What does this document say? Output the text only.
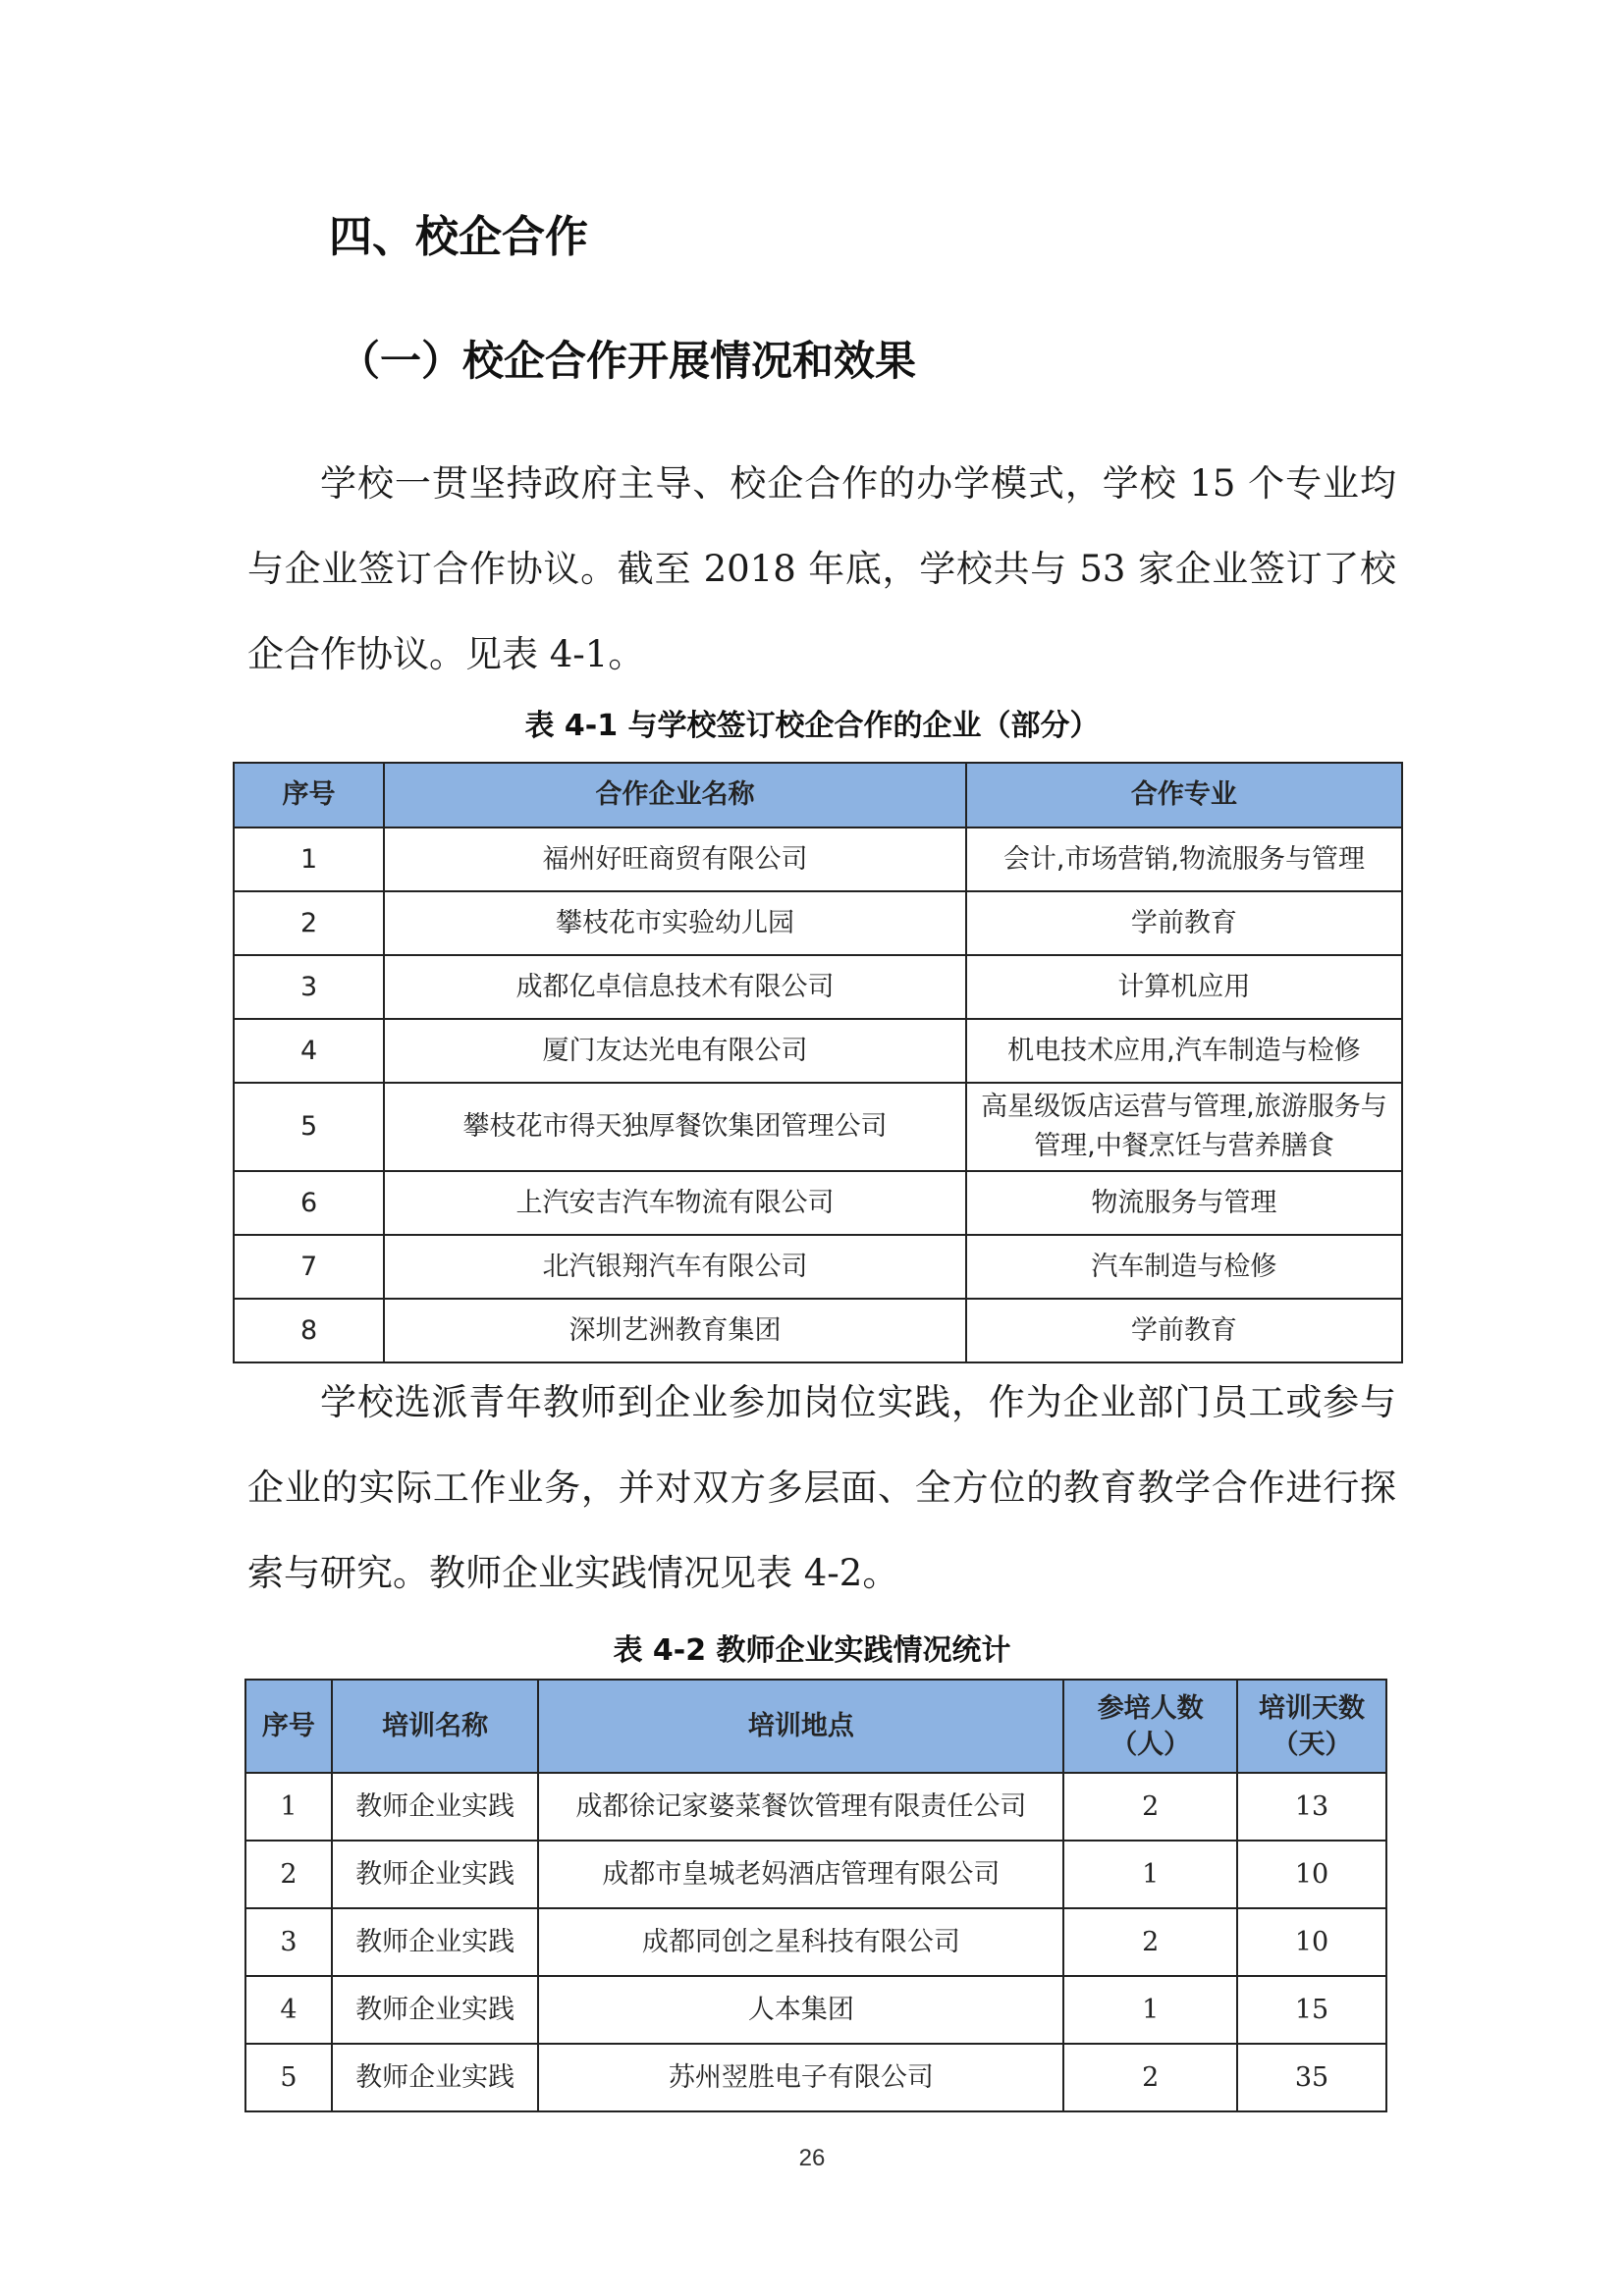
四、校企合作
（一）校企合作开展情况和效果

学校一贯坚持政府主导、校企合作的办学模式，学校 15 个专业均与企业签订合作协议。截至 2018 年底，学校共与 53 家企业签订了校企合作协议。见表 4-1。

表 4-1 与学校签订校企合作的企业（部分）
序号	合作企业名称	合作专业
1	福州好旺商贸有限公司	会计,市场营销,物流服务与管理
2	攀枝花市实验幼儿园	学前教育
3	成都亿卓信息技术有限公司	计算机应用
4	厦门友达光电有限公司	机电技术应用,汽车制造与检修
5	攀枝花市得天独厚餐饮集团管理公司	高星级饭店运营与管理,旅游服务与管理,中餐烹饪与营养膳食
6	上汽安吉汽车物流有限公司	物流服务与管理
7	北汽银翔汽车有限公司	汽车制造与检修
8	深圳艺洲教育集团	学前教育

学校选派青年教师到企业参加岗位实践，作为企业部门员工或参与企业的实际工作业务，并对双方多层面、全方位的教育教学合作进行探索与研究。教师企业实践情况见表 4-2。

表 4-2 教师企业实践情况统计
序号	培训名称	培训地点	参培人数（人）	培训天数（天）
1	教师企业实践	成都徐记家婆菜餐饮管理有限责任公司	2	13
2	教师企业实践	成都市皇城老妈酒店管理有限公司	1	10
3	教师企业实践	成都同创之星科技有限公司	2	10
4	教师企业实践	人本集团	1	15
5	教师企业实践	苏州翌胜电子有限公司	2	35
26
